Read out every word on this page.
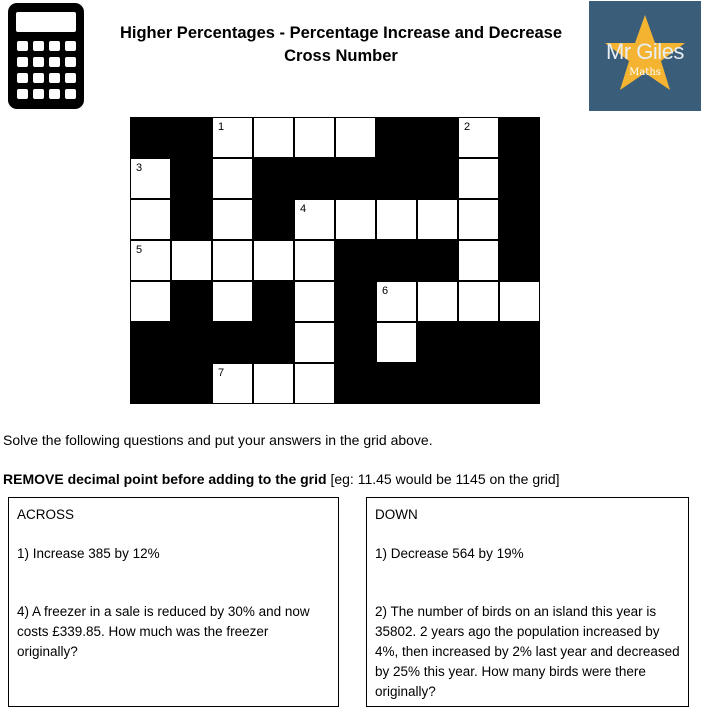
Higher Percentages - Percentage Increase and Decrease
Cross Number	Mr Giles
Maths
1	2
3
4
5
6
7
Solve the following questions and put your answers in the grid above.
REMOVE decimal point before adding to the grid [eg: 11.45 would be 1145 on the grid]

ACROSS

1) Increase 385 by 12%

4) A freezer in a sale is reduced by 30% and now costs £339.85. How much was the freezer originally?

DOWN

1) Decrease 564 by 19%

2) The number of birds on an island this year is 35802. 2 years ago the population increased by 4%, then increased by 2% last year and decreased by 25% this year. How many birds were there originally?
